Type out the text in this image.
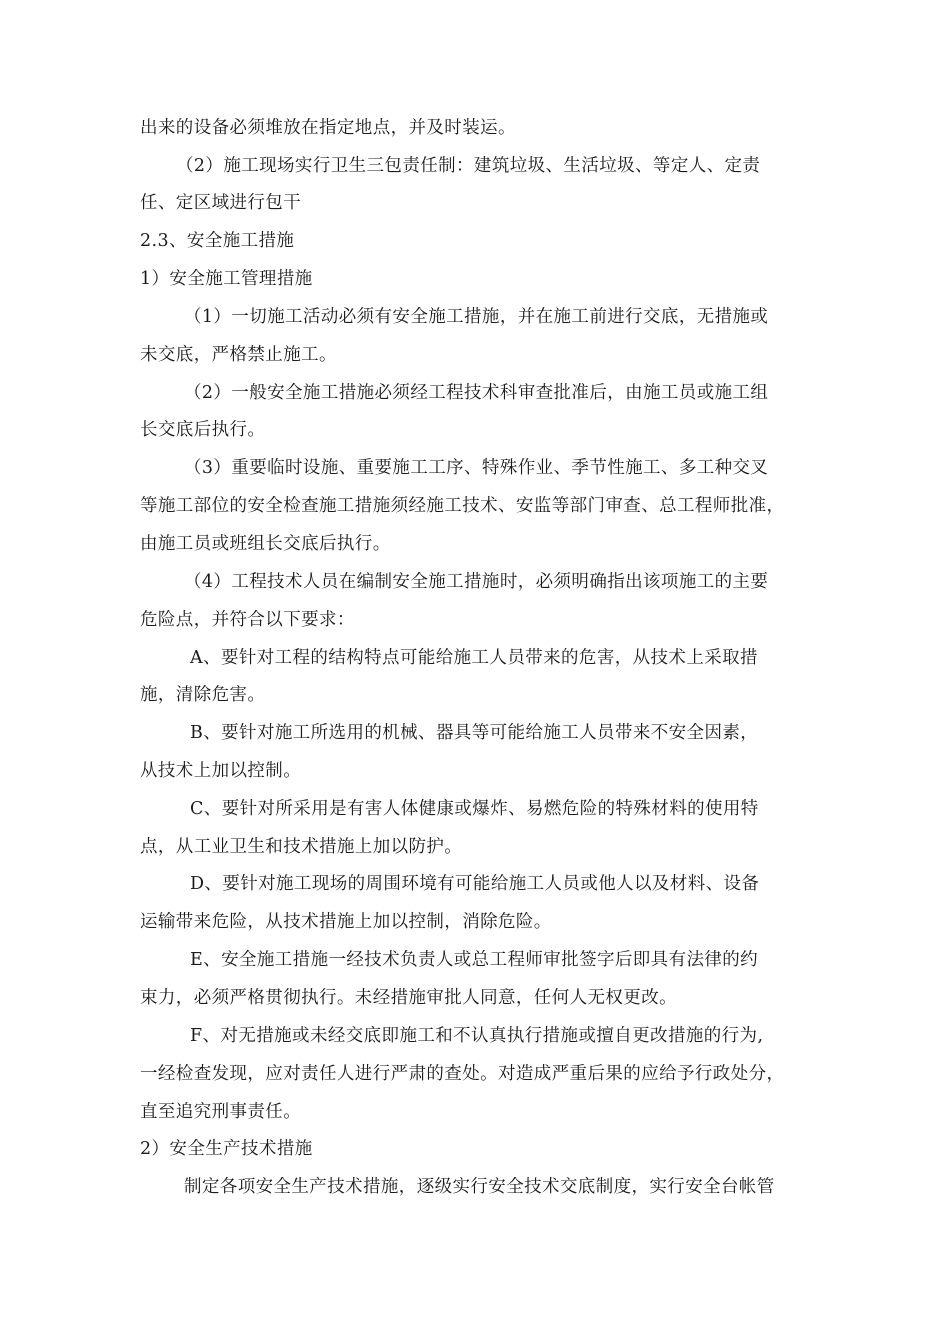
出来的设备必须堆放在指定地点，并及时装运。
（2）施工现场实行卫生三包责任制：建筑垃圾、生活垃圾、等定人、定责
任、定区域进行包干
2.3、安全施工措施
1）安全施工管理措施
（1）一切施工活动必须有安全施工措施，并在施工前进行交底，无措施或
未交底，严格禁止施工。
（2）一般安全施工措施必须经工程技术科审查批准后，由施工员或施工组
长交底后执行。
（3）重要临时设施、重要施工工序、特殊作业、季节性施工、多工种交叉
等施工部位的安全检查施工措施须经施工技术、安监等部门审查、总工程师批准，
由施工员或班组长交底后执行。
（4）工程技术人员在编制安全施工措施时，必须明确指出该项施工的主要
危险点，并符合以下要求：
A、要针对工程的结构特点可能给施工人员带来的危害，从技术上采取措
施，清除危害。
B、要针对施工所选用的机械、器具等可能给施工人员带来不安全因素，
从技术上加以控制。
C、要针对所采用是有害人体健康或爆炸、易燃危险的特殊材料的使用特
点，从工业卫生和技术措施上加以防护。
D、要针对施工现场的周围环境有可能给施工人员或他人以及材料、设备
运输带来危险，从技术措施上加以控制，消除危险。
E、安全施工措施一经技术负责人或总工程师审批签字后即具有法律的约
束力，必须严格贯彻执行。未经措施审批人同意，任何人无权更改。
F、对无措施或未经交底即施工和不认真执行措施或擅自更改措施的行为,
一经检查发现，应对责任人进行严肃的查处。对造成严重后果的应给予行政处分，
直至追究刑事责任。
2）安全生产技术措施
制定各项安全生产技术措施，逐级实行安全技术交底制度，实行安全台帐管
